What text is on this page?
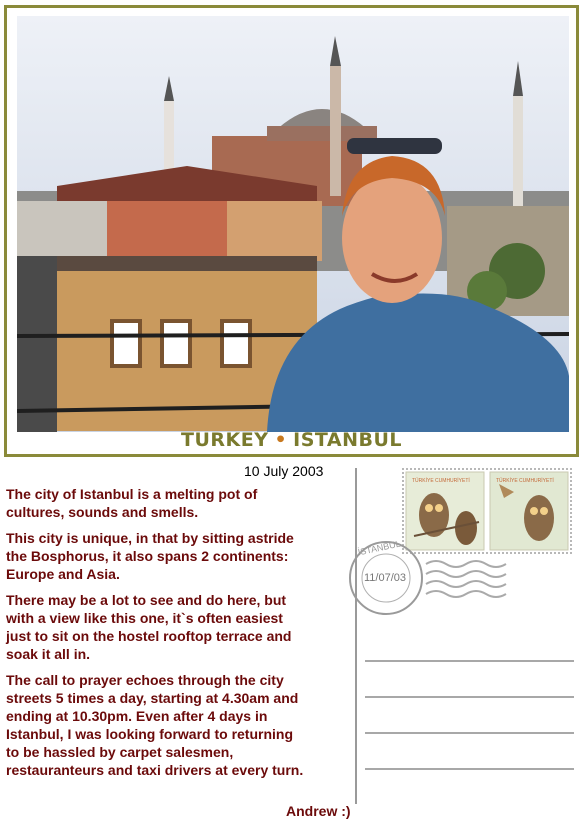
TURKEY • ISTANBUL
10 July 2003

The city of Istanbul is a melting pot of
cultures, sounds and smells.

This city is unique, in that by sitting astride
the Bosphorus, it also spans 2 continents:
Europe and Asia.

There may be a lot to see and do here, but
with a view like this one, it`s often easiest
just to sit on the hostel rooftop terrace and
soak it all in.

The call to prayer echoes through the city
streets 5 times a day, starting at 4.30am and
ending at 10.30pm. Even after 4 days in
Istanbul, I was looking forward to returning
to be hassled by carpet salesmen,
restauranteurs and taxi drivers at every turn.

Andrew :)
TÜRKİYE CUMHURİYETİ	TÜRKİYE CUMHURİYETİ
İSTANBUL
11/07/03
